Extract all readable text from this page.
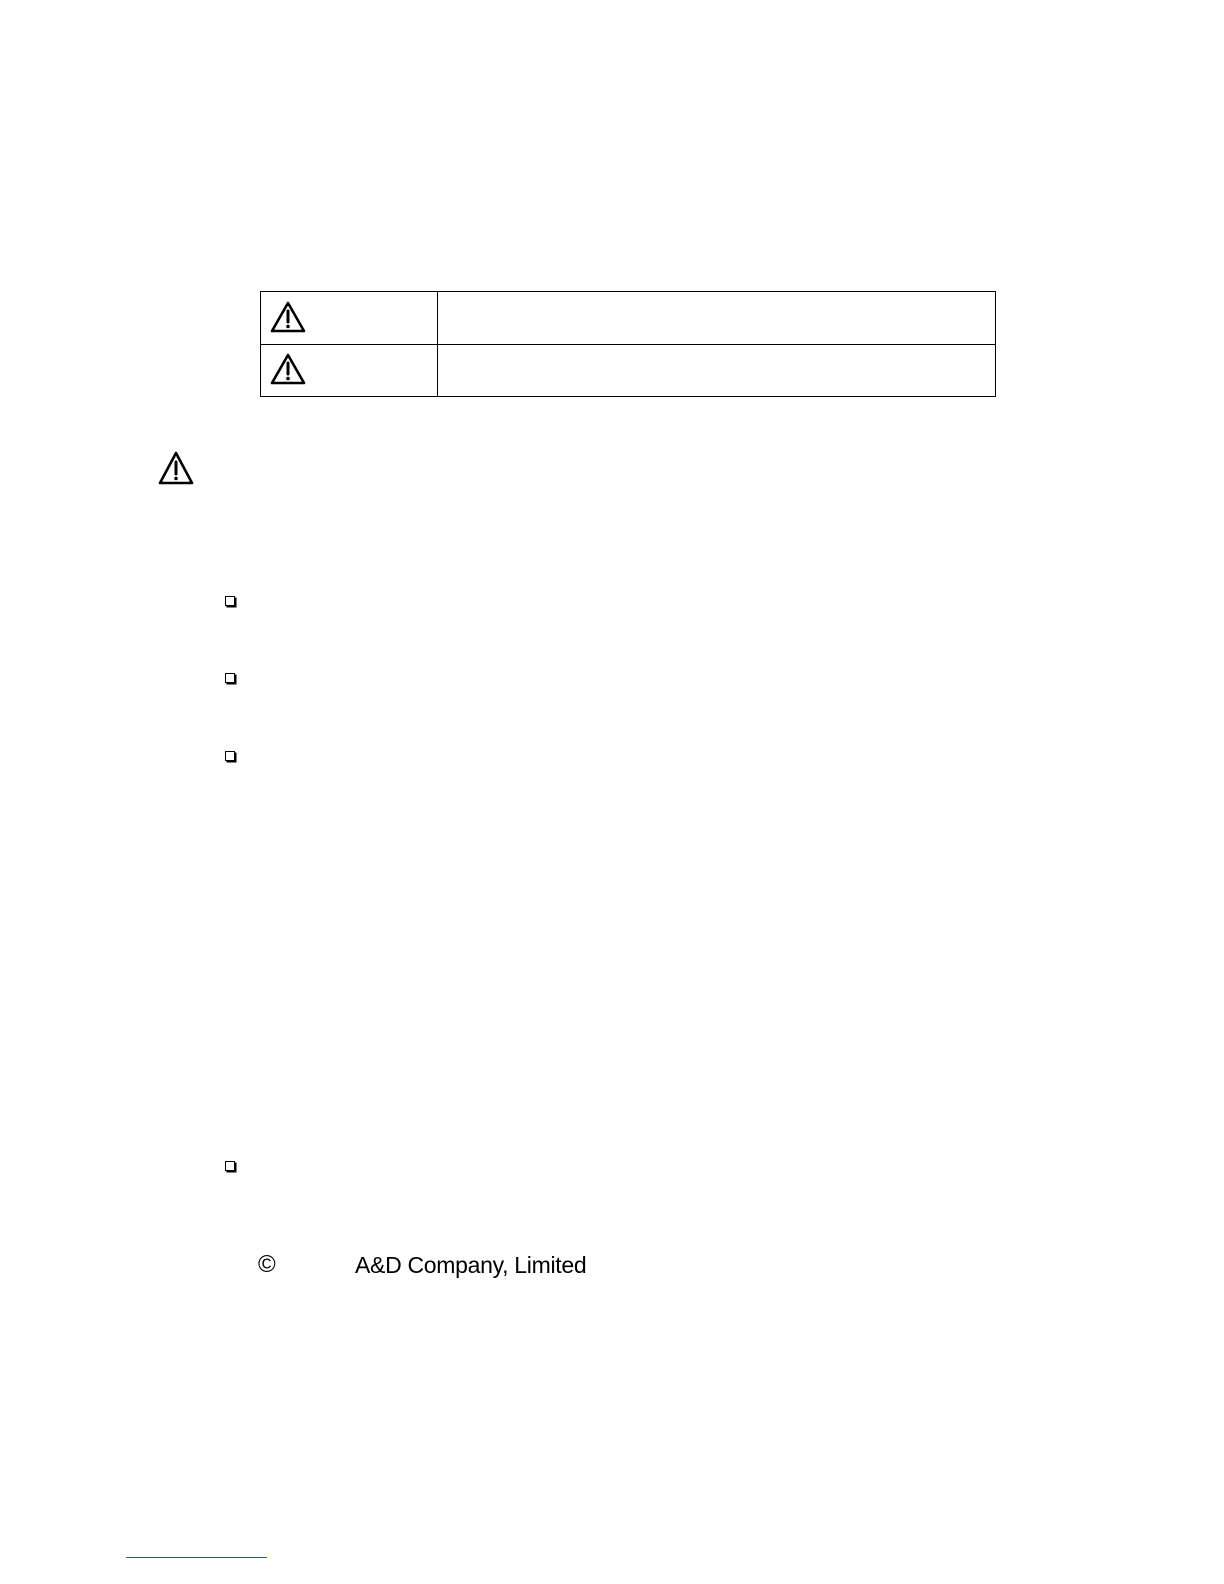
©	A&D Company, Limited
